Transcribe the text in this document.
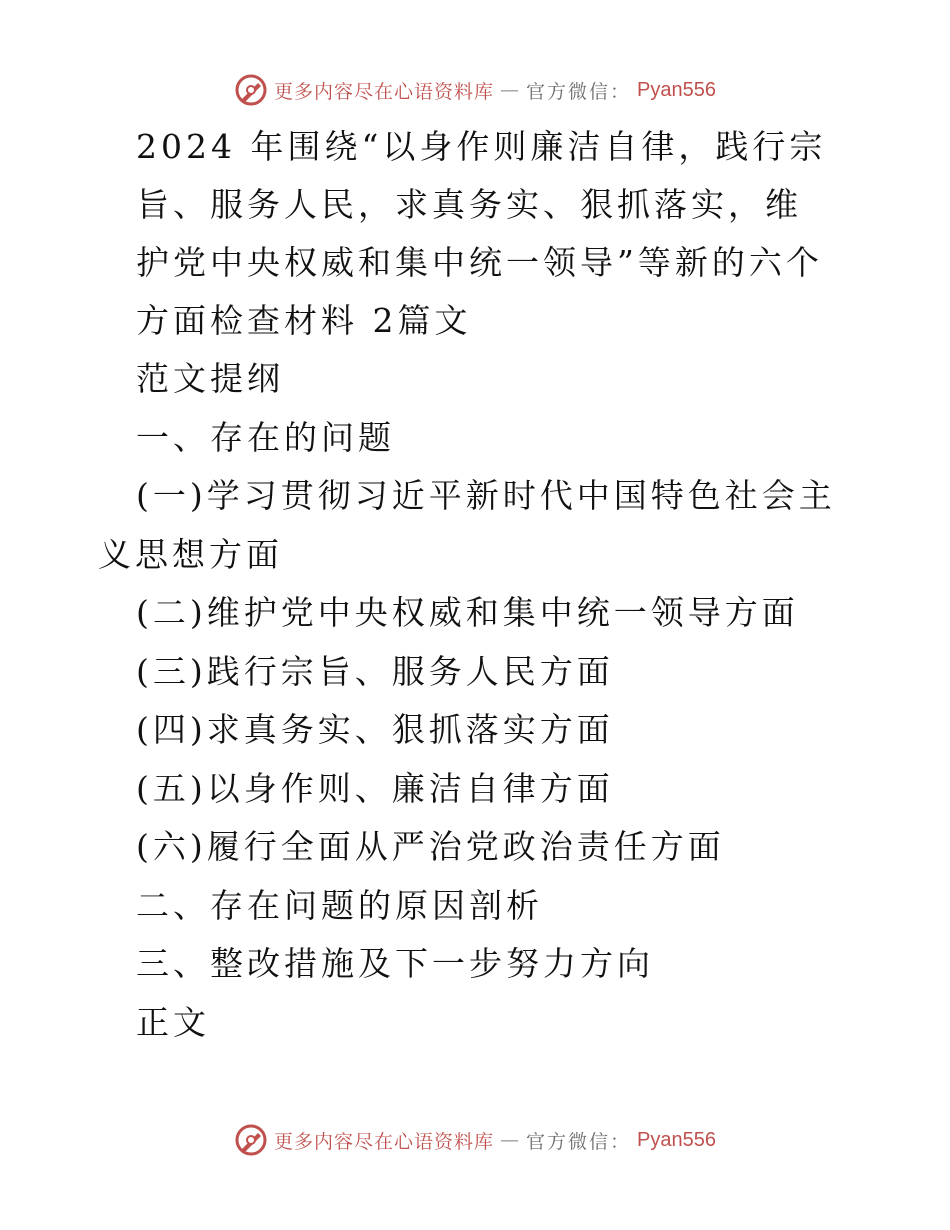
更多内容尽在心语资料库 — 官方微信： Pyan556
2024 年围绕“以身作则廉洁自律，践行宗
旨、服务人民，求真务实、狠抓落实，维
护党中央权威和集中统一领导”等新的六个
方面检查材料 2篇文

范文提纲

一、存在的问题

(一)学习贯彻习近平新时代中国特色社会主义思想方面

(二)维护党中央权威和集中统一领导方面

(三)践行宗旨、服务人民方面

(四)求真务实、狠抓落实方面

(五)以身作则、廉洁自律方面

(六)履行全面从严治党政治责任方面

二、存在问题的原因剖析

三、整改措施及下一步努力方向

正文

更多内容尽在心语资料库 — 官方微信： Pyan556
